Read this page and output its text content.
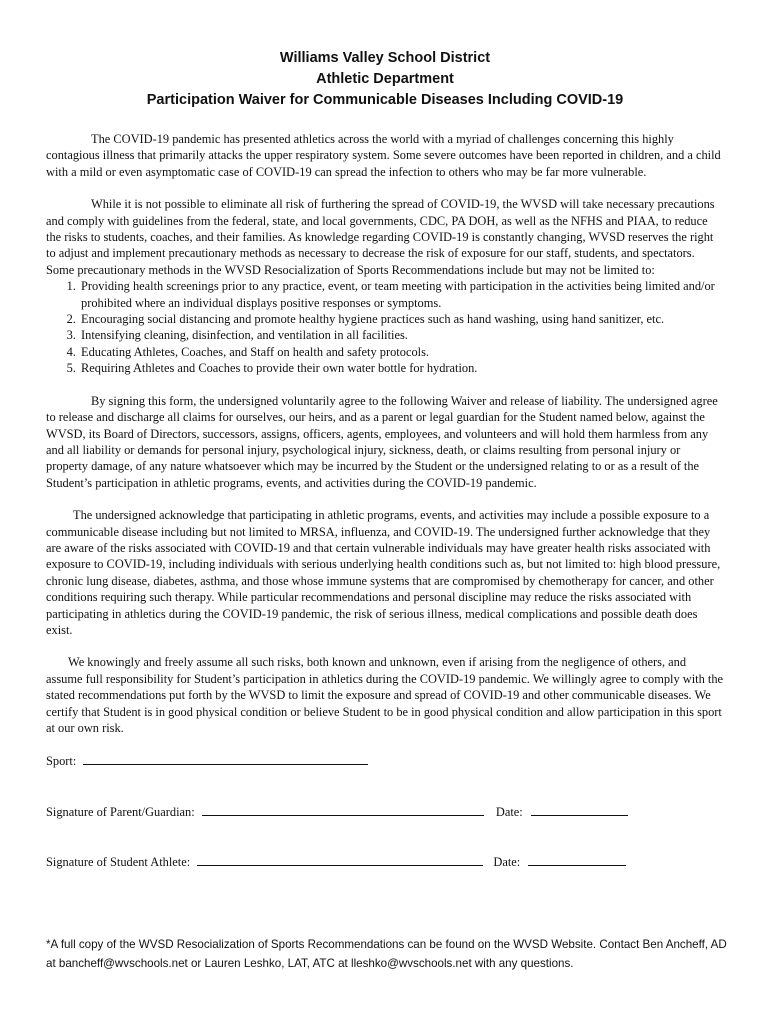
Williams Valley School District
Athletic Department
Participation Waiver for Communicable Diseases Including COVID-19

The COVID-19 pandemic has presented athletics across the world with a myriad of challenges concerning this highly contagious illness that primarily attacks the upper respiratory system. Some severe outcomes have been reported in children, and a child with a mild or even asymptomatic case of COVID-19 can spread the infection to others who may be far more vulnerable.

While it is not possible to eliminate all risk of furthering the spread of COVID-19, the WVSD will take necessary precautions and comply with guidelines from the federal, state, and local governments, CDC, PA DOH, as well as the NFHS and PIAA, to reduce the risks to students, coaches, and their families. As knowledge regarding COVID-19 is constantly changing, WVSD reserves the right to adjust and implement precautionary methods as necessary to decrease the risk of exposure for our staff, students, and spectators. Some precautionary methods in the WVSD Resocialization of Sports Recommendations include but may not be limited to:

1. Providing health screenings prior to any practice, event, or team meeting with participation in the activities being limited and/or prohibited where an individual displays positive responses or symptoms.
2. Encouraging social distancing and promote healthy hygiene practices such as hand washing, using hand sanitizer, etc.
3. Intensifying cleaning, disinfection, and ventilation in all facilities.
4. Educating Athletes, Coaches, and Staff on health and safety protocols.
5. Requiring Athletes and Coaches to provide their own water bottle for hydration.

By signing this form, the undersigned voluntarily agree to the following Waiver and release of liability. The undersigned agree to release and discharge all claims for ourselves, our heirs, and as a parent or legal guardian for the Student named below, against the WVSD, its Board of Directors, successors, assigns, officers, agents, employees, and volunteers and will hold them harmless from any and all liability or demands for personal injury, psychological injury, sickness, death, or claims resulting from personal injury or property damage, of any nature whatsoever which may be incurred by the Student or the undersigned relating to or as a result of the Student’s participation in athletic programs, events, and activities during the COVID-19 pandemic.

The undersigned acknowledge that participating in athletic programs, events, and activities may include a possible exposure to a communicable disease including but not limited to MRSA, influenza, and COVID-19. The undersigned further acknowledge that they are aware of the risks associated with COVID-19 and that certain vulnerable individuals may have greater health risks associated with exposure to COVID-19, including individuals with serious underlying health conditions such as, but not limited to: high blood pressure, chronic lung disease, diabetes, asthma, and those whose immune systems that are compromised by chemotherapy for cancer, and other conditions requiring such therapy. While particular recommendations and personal discipline may reduce the risks associated with participating in athletics during the COVID-19 pandemic, the risk of serious illness, medical complications and possible death does exist.

We knowingly and freely assume all such risks, both known and unknown, even if arising from the negligence of others, and assume full responsibility for Student’s participation in athletics during the COVID-19 pandemic. We willingly agree to comply with the stated recommendations put forth by the WVSD to limit the exposure and spread of COVID-19 and other communicable diseases. We certify that Student is in good physical condition or believe Student to be in good physical condition and allow participation in this sport at our own risk.

Sport:
Signature of Parent/Guardian:	Date:
Signature of Student Athlete:	Date:
*A full copy of the WVSD Resocialization of Sports Recommendations can be found on the WVSD Website. Contact Ben Ancheff, AD at bancheff@wvschools.net or Lauren Leshko, LAT, ATC at lleshko@wvschools.net with any questions.
